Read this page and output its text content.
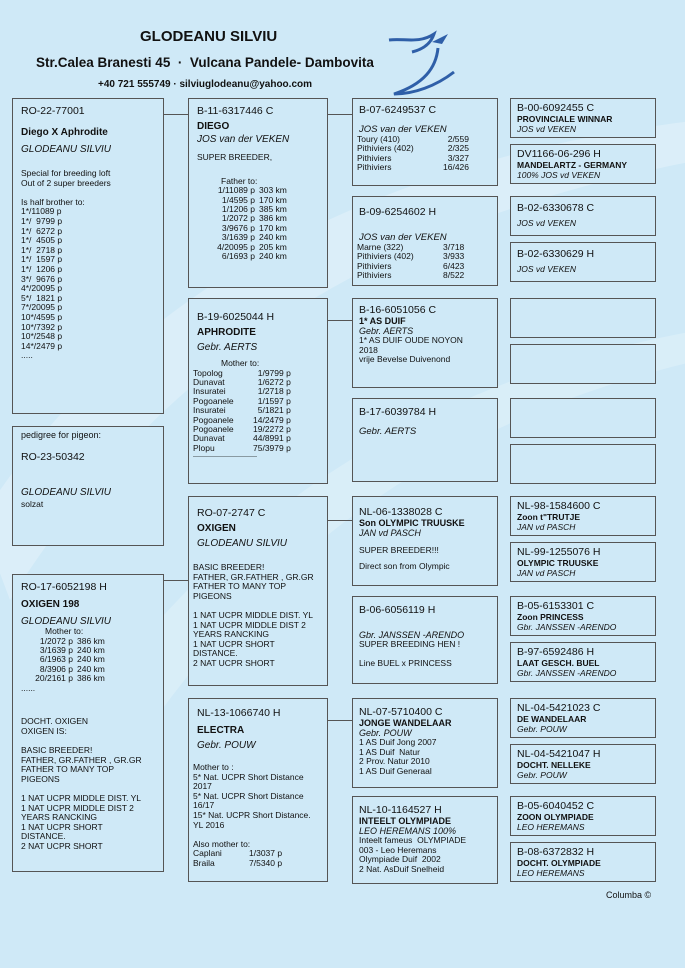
GLODEANU SILVIU
Str.Calea Branesti 45  ·  Vulcana Pandele- Dambovita
+40 721 555749 · silviuglodeanu@yahoo.com
RO-22-77001
Diego X Aphrodite
GLODEANU SILVIU
Special for breeding loft
Out of 2 super breeders

Is half brother to:
1*/11089 p
1*/  9799 p
1*/  6272 p
1*/  4505 p
1*/  2718 p
1*/  1597 p
1*/  1206 p
3*/  9676 p
4*/20095 p
5*/  1821 p
7*/20095 p
10*/4595 p
10*/7392 p
10*/2548 p
14*/2479 p
.....
pedigree for pigeon:
RO-23-50342
GLODEANU SILVIU
solzat
RO-17-6052198 H
OXIGEN 198
GLODEANU SILVIU
Mother to:
1/2072 p	386 km
3/1639 p	240 km
6/1963 p	240 km
8/3906 p	240 km
20/2161 p	386 km
......
DOCHT. OXIGEN
OXIGEN IS:

BASIC BREEDER!
FATHER, GR.FATHER , GR.GR
FATHER TO MANY TOP
PIGEONS

1 NAT UCPR MIDDLE DIST. YL
1 NAT UCPR MIDDLE DIST 2
YEARS RANCKING
1 NAT UCPR SHORT
DISTANCE.
2 NAT UCPR SHORT
B-11-6317446 C
DIEGO
JOS van der VEKEN
SUPER BREEDER,
Father to:
1/11089 p	303 km
1/4595 p	170 km
1/1206 p	385 km
1/2072 p	386 km
3/9676 p	170 km
3/1639 p	240 km
4/20095 p	205 km
6/1693 p	240 km
B-19-6025044 H
APHRODITE
Gebr. AERTS
Mother to:
Topolog	1/9799 p
Dunavat	1/6272 p
Insuratei	1/2718 p
Pogoanele	1/1597 p
Insuratei	5/1821 p
Pogoanele	14/2479 p
Pogoanele	19/2272 p
Dunavat	44/8991 p
Plopu	75/3979 p
--------------------------------
RO-07-2747 C
OXIGEN
GLODEANU SILVIU
BASIC BREEDER!
FATHER, GR.FATHER , GR.GR
FATHER TO MANY TOP
PIGEONS

1 NAT UCPR MIDDLE DIST. YL
1 NAT UCPR MIDDLE DIST 2
YEARS RANCKING
1 NAT UCPR SHORT
DISTANCE.
2 NAT UCPR SHORT
NL-13-1066740 H
ELECTRA
Gebr. POUW
Mother to :
5* Nat. UCPR Short Distance
2017
5* Nat. UCPR Short Distance
16/17
15* Nat. UCPR Short Distance.
YL 2016

Also mother to:
Caplani	1/3037 p
Braila	7/5340 p
B-07-6249537 C
JOS van der VEKEN
Toury (410)	2/559
Pithiviers (402)	2/325
Pithiviers	3/327
Pithiviers	16/426
B-09-6254602 H
JOS van der VEKEN
Marne (322)	3/718
Pithiviers (402)	3/933
Pithiviers	6/423
Pithiviers	8/522
B-16-6051056 C
1* AS DUIF
Gebr. AERTS
1* AS DUIF OUDE NOYON
2018
vrije Bevelse Duivenond
B-17-6039784 H
Gebr. AERTS
NL-06-1338028 C
Son OLYMPIC TRUUSKE
JAN vd PASCH
SUPER BREEDER!!!
Direct son from Olympic
B-06-6056119 H
Gbr. JANSSEN -ARENDO
SUPER BREEDING HEN !

Line BUEL x PRINCESS
NL-07-5710400 C
JONGE WANDELAAR
Gebr. POUW
1 AS Duif Jong 2007
1 AS Duif  Natur
2 Prov. Natur 2010
1 AS Duif Generaal
NL-10-1164527 H
INTEELT OLYMPIADE
LEO HEREMANS 100%
Inteelt fameus  OLYMPIADE
003 - Leo Heremans
Olympiade Duif  2002
2 Nat. AsDuif Snelheid
B-00-6092455 C
PROVINCIALE WINNAR
JOS vd VEKEN
DV1166-06-296 H
MANDELARTZ - GERMANY
100% JOS vd VEKEN
B-02-6330678 C
JOS vd VEKEN
B-02-6330629 H
JOS vd VEKEN
NL-98-1584600 C
Zoon t"TRUTJE
JAN vd PASCH
NL-99-1255076 H
OLYMPIC TRUUSKE
JAN vd PASCH
B-05-6153301 C
Zoon PRINCESS
Gbr. JANSSEN -ARENDO
B-97-6592486 H
LAAT GESCH. BUEL
Gbr. JANSSEN -ARENDO
NL-04-5421023 C
DE WANDELAAR
Gebr. POUW
NL-04-5421047 H
DOCHT. NELLEKE
Gebr. POUW
B-05-6040452 C
ZOON OLYMPIADE
LEO HEREMANS
B-08-6372832 H
DOCHT. OLYMPIADE
LEO HEREMANS
Columba ©
